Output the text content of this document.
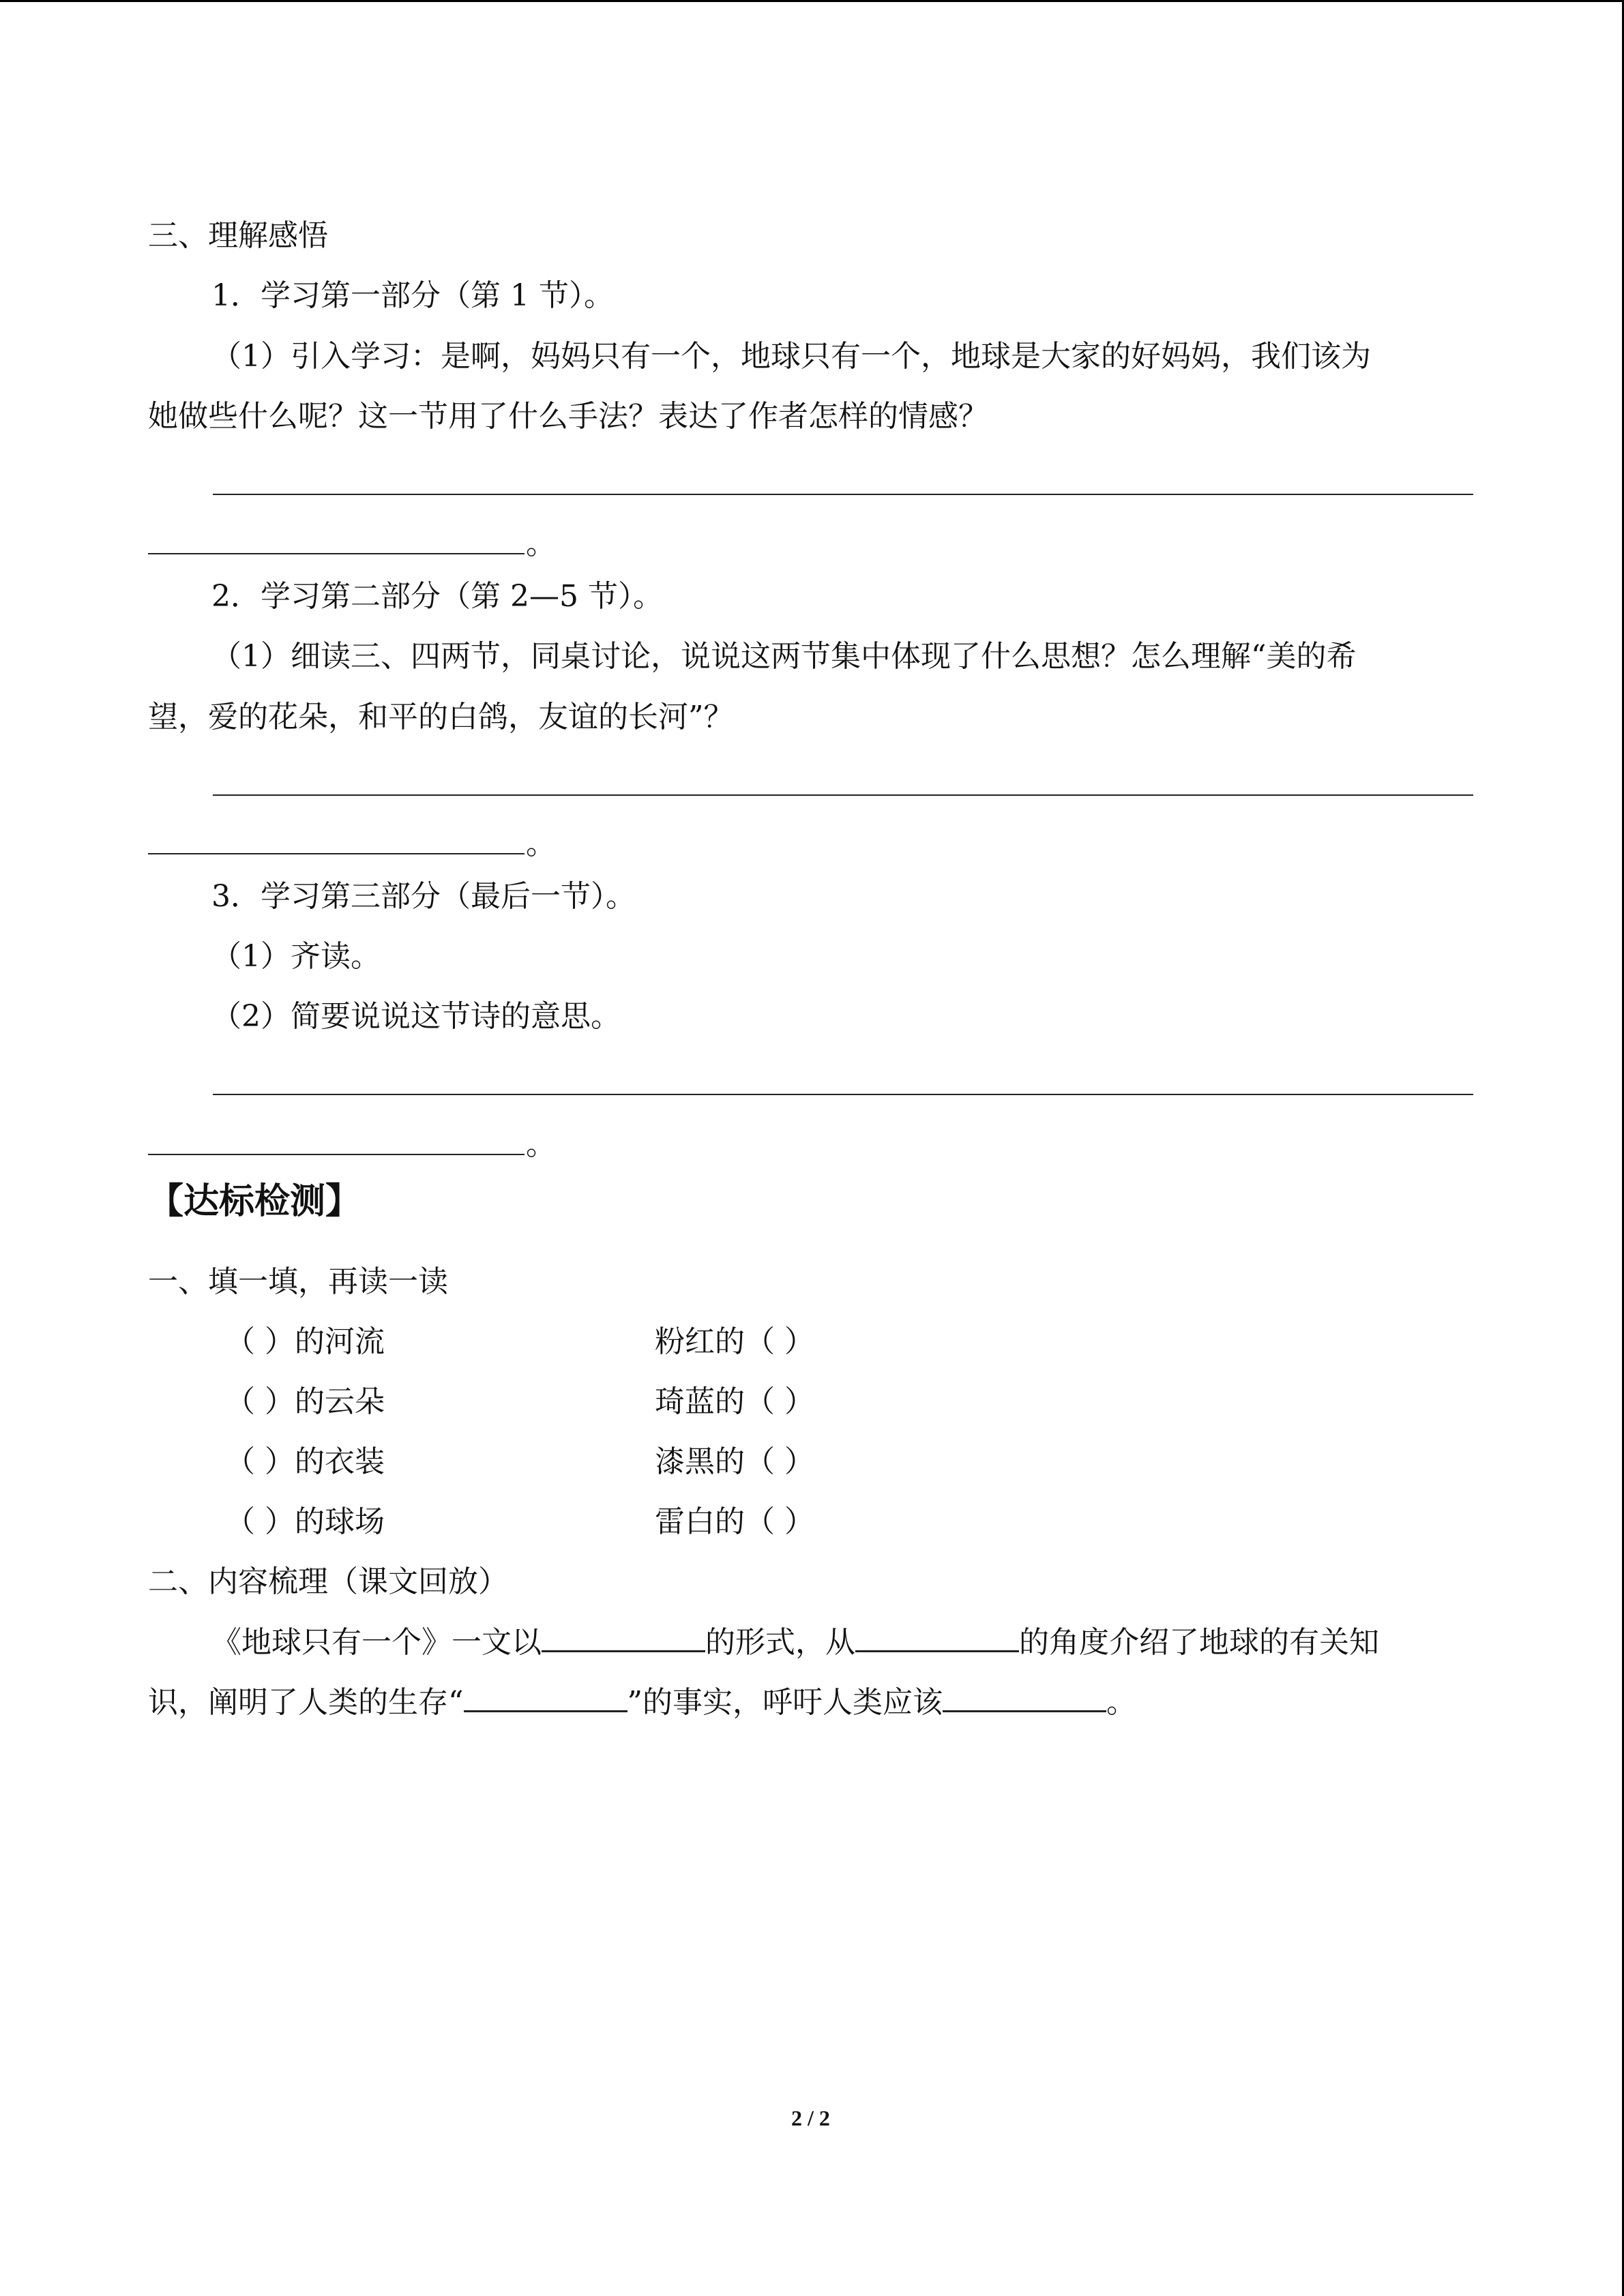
三、理解感悟
1．学习第一部分（第 1 节）。
（1）引入学习：是啊，妈妈只有一个，地球只有一个，地球是大家的好妈妈，我们该为
她做些什么呢？这一节用了什么手法？表达了作者怎样的情感？
。
2．学习第二部分（第 2—5 节）。
（1）细读三、四两节，同桌讨论，说说这两节集中体现了什么思想？怎么理解“美的希
望，爱的花朵，和平的白鸽，友谊的长河”？
。
3．学习第三部分（最后一节）。
（1）齐读。
（2）简要说说这节诗的意思。
。
【达标检测】
一、填一填，再读一读
（ ）的河流	粉红的（ ）
（ ）的云朵	琦蓝的（ ）
（ ）的衣装	漆黑的（ ）
（ ）的球场	雷白的（ ）
二、内容梳理（课文回放）
《地球只有一个》一文以	的形式，从	的角度介绍了地球的有关知
识，阐明了人类的生存“	”的事实，呼吁人类应该	。
2 / 2
